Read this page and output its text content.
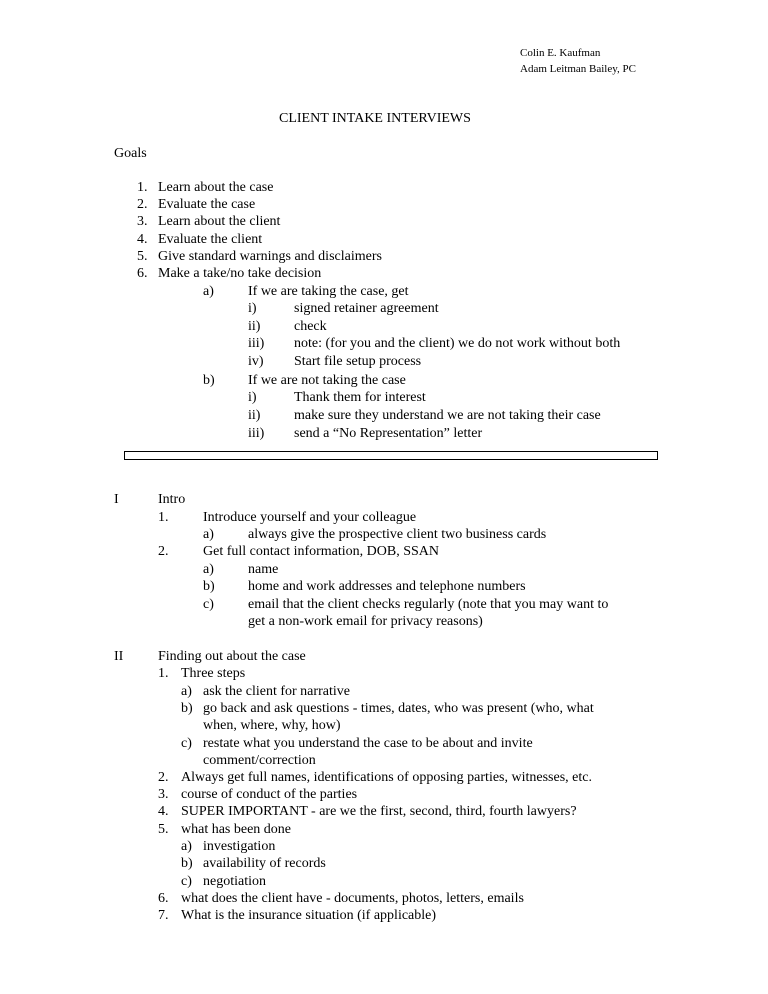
Colin E. Kaufman
Adam Leitman Bailey, PC
CLIENT INTAKE INTERVIEWS
Goals
1. Learn about the case
2. Evaluate the case
3. Learn about the client
4. Evaluate the client
5. Give standard warnings and disclaimers
6. Make a take/no take decision
a) If we are taking the case, get
i)	signed retainer agreement
ii) check
iii) note: (for you and the client) we do not work without both
iv) Start file setup process
b) If we are not taking the case
i)	Thank them for interest
ii) make sure they understand we are not taking their case
iii) send a “No Representation” letter
I	Intro
1. Introduce yourself and your colleague
a) always give the prospective client two business cards
2. Get full contact information, DOB, SSAN
a) name
b) home and work addresses and telephone numbers
c) email that the client checks regularly (note that you may want to
get a non-work email for privacy reasons)
II Finding out about the case
1. Three steps
a) ask the client for narrative
b) go back and ask questions - times, dates, who was present (who, what
when, where, why, how)
c) restate what you understand the case to be about and invite
comment/correction
2. Always get full names, identifications of opposing parties, witnesses, etc.
3. course of conduct of the parties
4. SUPER IMPORTANT - are we the first, second, third, fourth lawyers?
5. what has been done
a) investigation
b) availability of records
c) negotiation
6. what does the client have - documents, photos, letters, emails
7. What is the insurance situation (if applicable)
